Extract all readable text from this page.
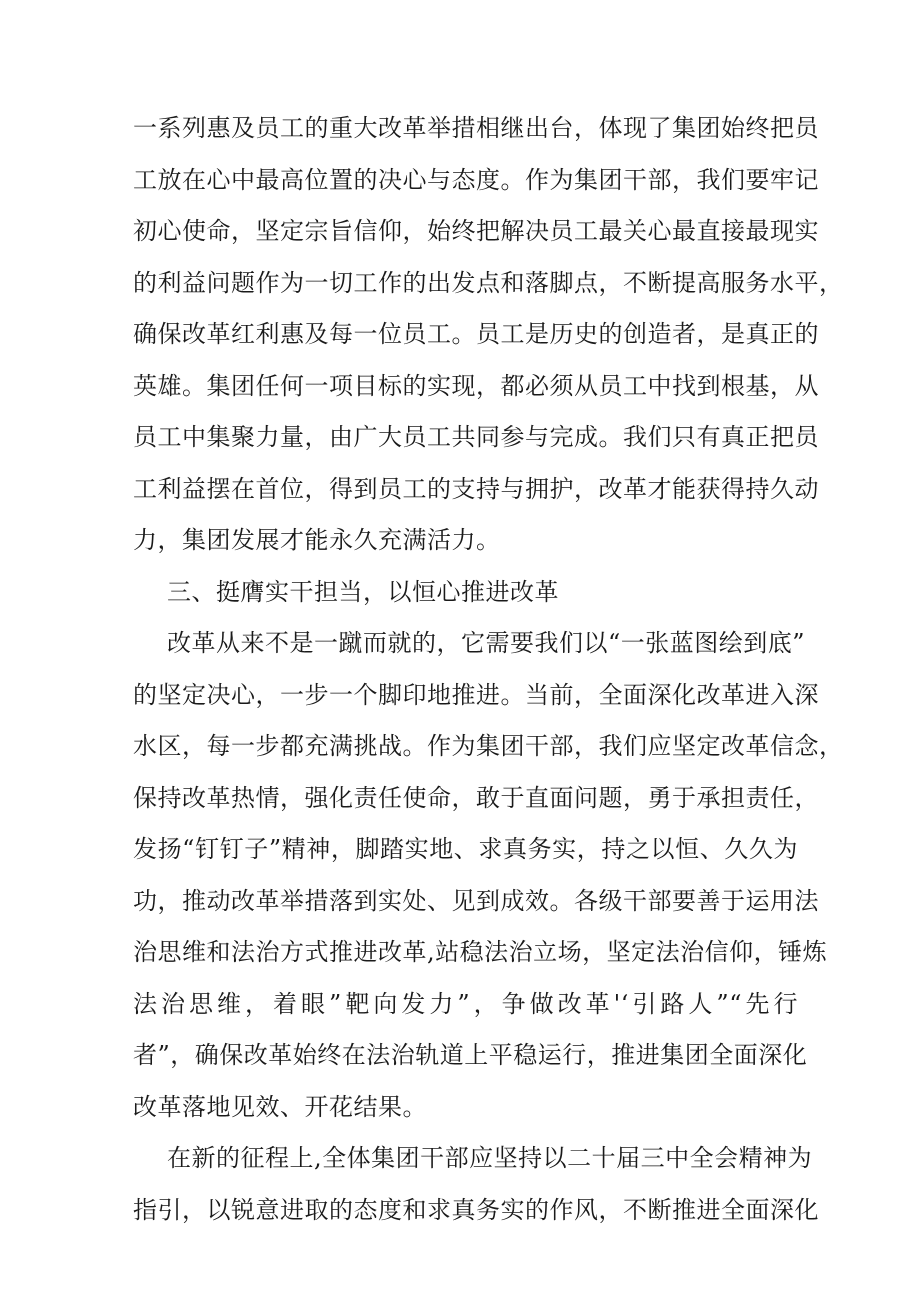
一系列惠及员工的重大改革举措相继出台，体现了集团始终把员
工放在心中最高位置的决心与态度。作为集团干部，我们要牢记
初心使命，坚定宗旨信仰，始终把解决员工最关心最直接最现实
的利益问题作为一切工作的出发点和落脚点，不断提高服务水平，
确保改革红利惠及每一位员工。员工是历史的创造者，是真正的
英雄。集团任何一项目标的实现，都必须从员工中找到根基，从
员工中集聚力量，由广大员工共同参与完成。我们只有真正把员
工利益摆在首位，得到员工的支持与拥护，改革才能获得持久动
力，集团发展才能永久充满活力。
三、挺膺实干担当，以恒心推进改革
改革从来不是一蹴而就的，它需要我们以“一张蓝图绘到底”
的坚定决心，一步一个脚印地推进。当前，全面深化改革进入深
水区，每一步都充满挑战。作为集团干部，我们应坚定改革信念，
保持改革热情，强化责任使命，敢于直面问题，勇于承担责任，
发扬“钉钉子”精神，脚踏实地、求真务实，持之以恒、久久为
功，推动改革举措落到实处、见到成效。各级干部要善于运用法
治思维和法治方式推进改革,站稳法治立场，坚定法治信仰，锤炼
法治思维，着眼”靶向发力”，争做改革'‘引路人”“先行
者”，确保改革始终在法治轨道上平稳运行，推进集团全面深化
改革落地见效、开花结果。
在新的征程上,全体集团干部应坚持以二十届三中全会精神为
指引，以锐意进取的态度和求真务实的作风，不断推进全面深化
